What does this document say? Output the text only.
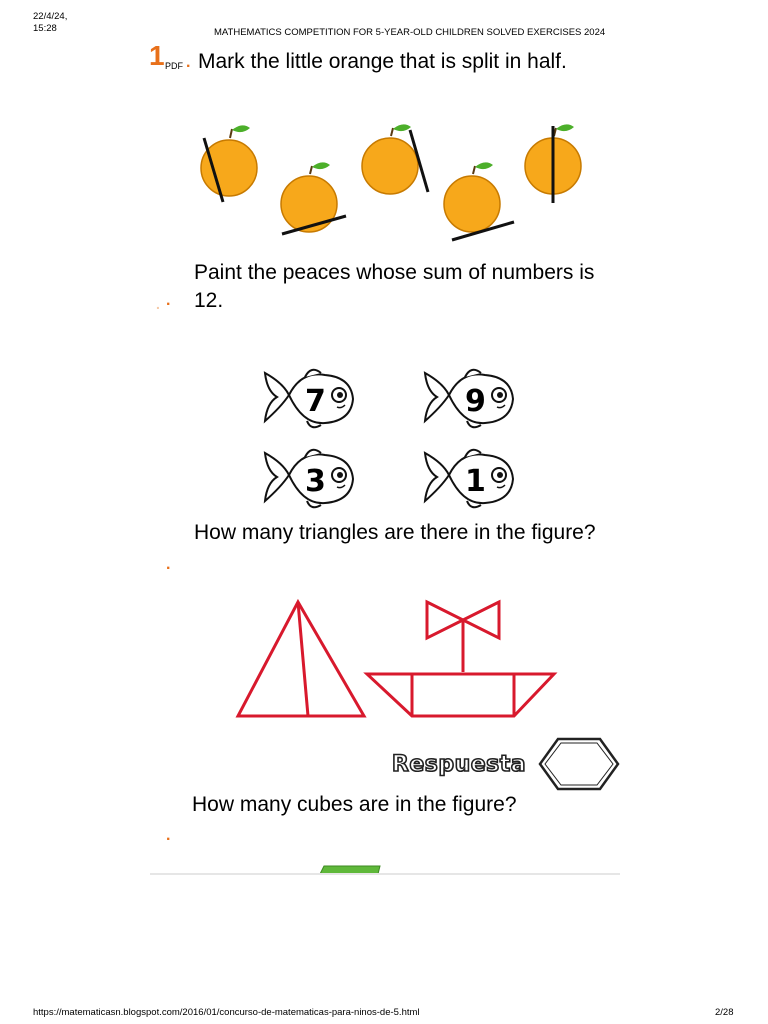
22/4/24,
15:28	MATHEMATICS COMPETITION FOR 5-YEAR-OLD CHILDREN SOLVED EXERCISES 2024
1 PDF . Mark the little orange that is split in half.
. .
Paint the peaces whose sum of numbers is
12.
7	9
3	1
.
How many triangles are there in the figure?
Respuesta
How many cubes are in the figure?
.
https://matematicasn.blogspot.com/2016/01/concurso-de-matematicas-para-ninos-de-5.html	2/28
